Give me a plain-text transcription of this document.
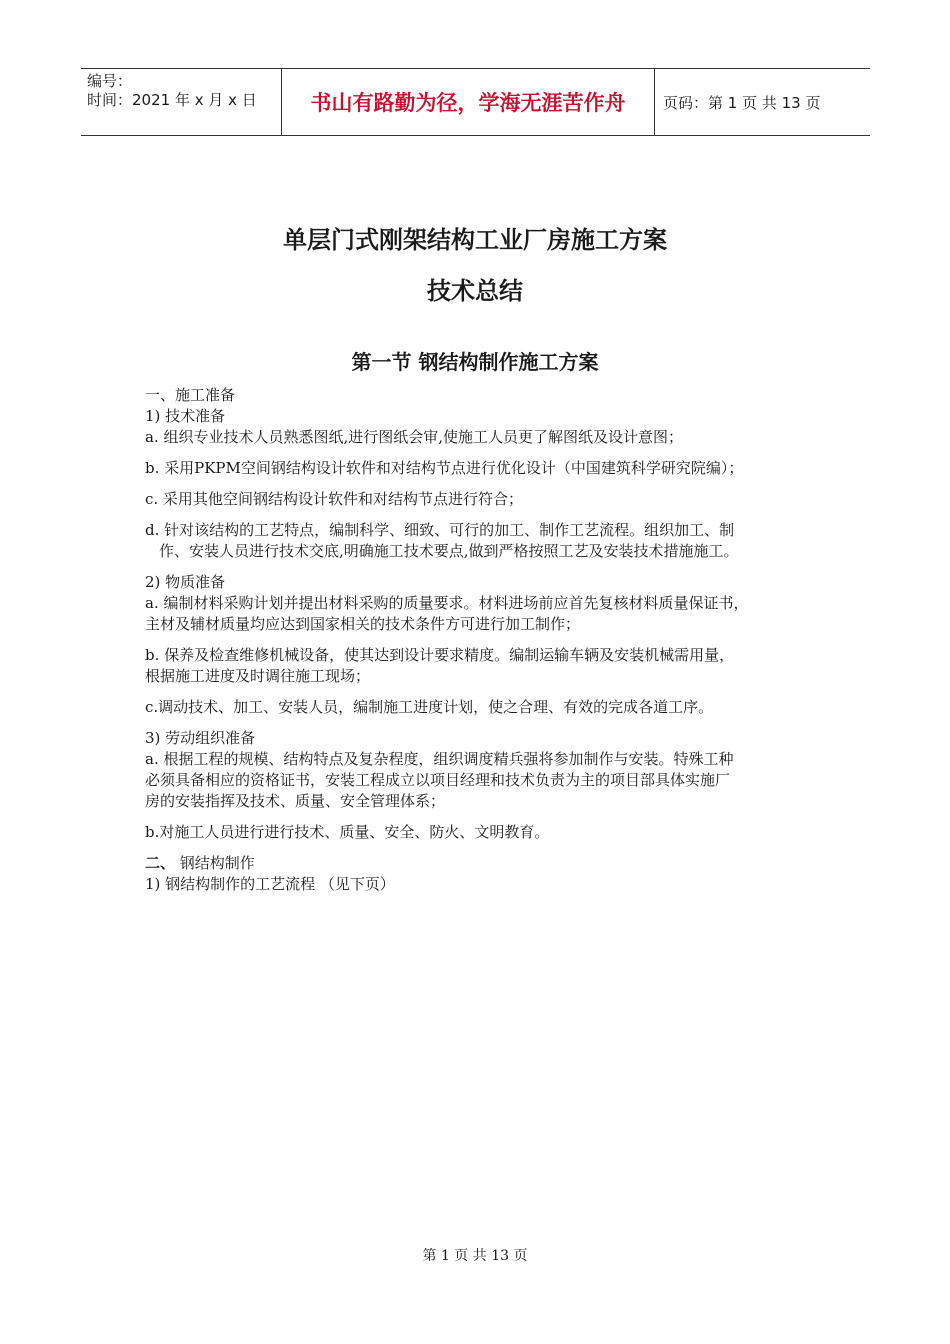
编号：
时间：2021 年 x 月 x 日	书山有路勤为径，学海无涯苦作舟	页码：第 1 页 共 13 页
单层门式刚架结构工业厂房施工方案
技术总结
第一节 钢结构制作施工方案

一、施工准备

1) 技术准备

a. 组织专业技术人员熟悉图纸,进行图纸会审,使施工人员更了解图纸及设计意图；

b. 采用PKPM空间钢结构设计软件和对结构节点进行优化设计（中国建筑科学研究院编）；

c. 采用其他空间钢结构设计软件和对结构节点进行符合；

d. 针对该结构的工艺特点，编制科学、细致、可行的加工、制作工艺流程。组织加工、制

作、安装人员进行技术交底,明确施工技术要点,做到严格按照工艺及安装技术措施施工。

2) 物质准备

a. 编制材料采购计划并提出材料采购的质量要求。材料进场前应首先复核材料质量保证书，

主材及辅材质量均应达到国家相关的技术条件方可进行加工制作；

b. 保养及检查维修机械设备，使其达到设计要求精度。编制运输车辆及安装机械需用量，

根据施工进度及时调往施工现场；

c.调动技术、加工、安装人员，编制施工进度计划，使之合理、有效的完成各道工序。

3) 劳动组织准备

a. 根据工程的规模、结构特点及复杂程度，组织调度精兵强将参加制作与安装。特殊工种

必须具备相应的资格证书，安装工程成立以项目经理和技术负责为主的项目部具体实施厂

房的安装指挥及技术、质量、安全管理体系；

b.对施工人员进行进行技术、质量、安全、防火、文明教育。

二、 钢结构制作

1) 钢结构制作的工艺流程 （见下页）

第 1 页 共 13 页
